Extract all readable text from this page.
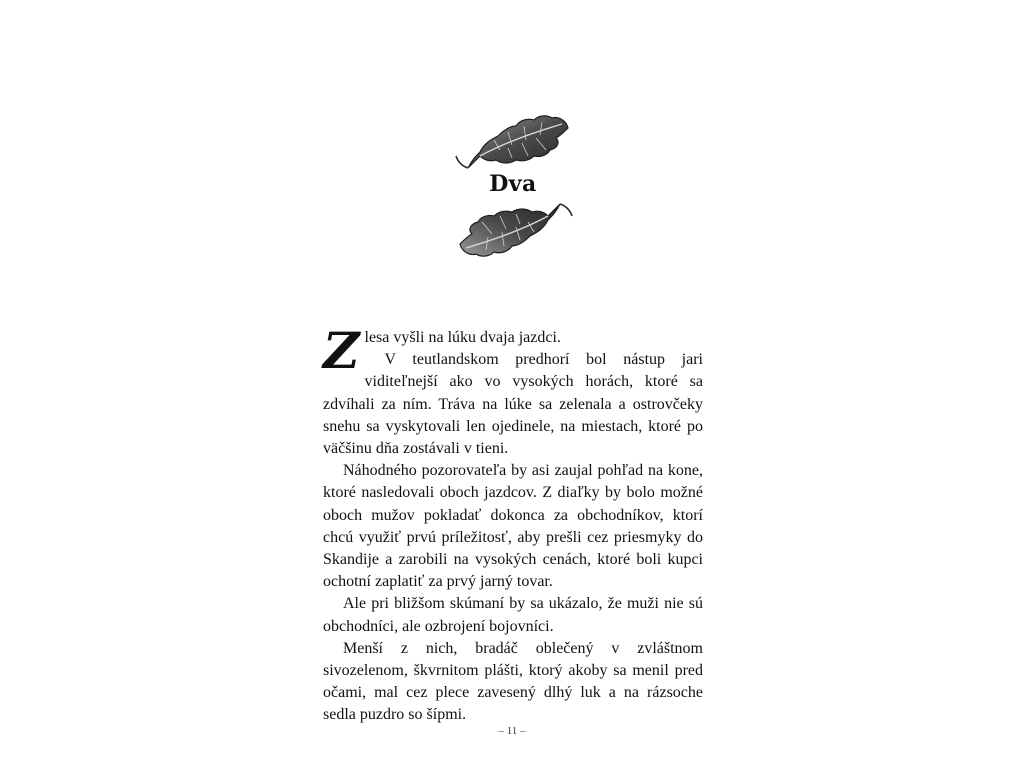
Dva

Zlesa vyšli na lúku dvaja jazdci.

V teutlandskom predhorí bol nástup jari viditeľnejší ako vo vysokých horách, ktoré sa zdvíhali za ním. Tráva na lúke sa zelenala a ostrovčeky snehu sa vyskytovali len ojedinele, na miestach, ktoré po väčšinu dňa zostávali v tieni.

Náhodného pozorovateľa by asi zaujal pohľad na kone, ktoré nasledovali oboch jazdcov. Z diaľky by bolo možné oboch mužov pokladať dokonca za obchodníkov, ktorí chcú využiť prvú príležitosť, aby prešli cez priesmyky do Skandije a zarobili na vysokých cenách, ktoré boli kupci ochotní zaplatiť za prvý jarný tovar.

Ale pri bližšom skúmaní by sa ukázalo, že muži nie sú obchodníci, ale ozbrojení bojovníci.

Menší z nich, bradáč oblečený v zvláštnom sivozelenom, škvrnitom plášti, ktorý akoby sa menil pred očami, mal cez plece zavesený dlhý luk a na rázsoche sedla puzdro so šípmi.

– 11 –
